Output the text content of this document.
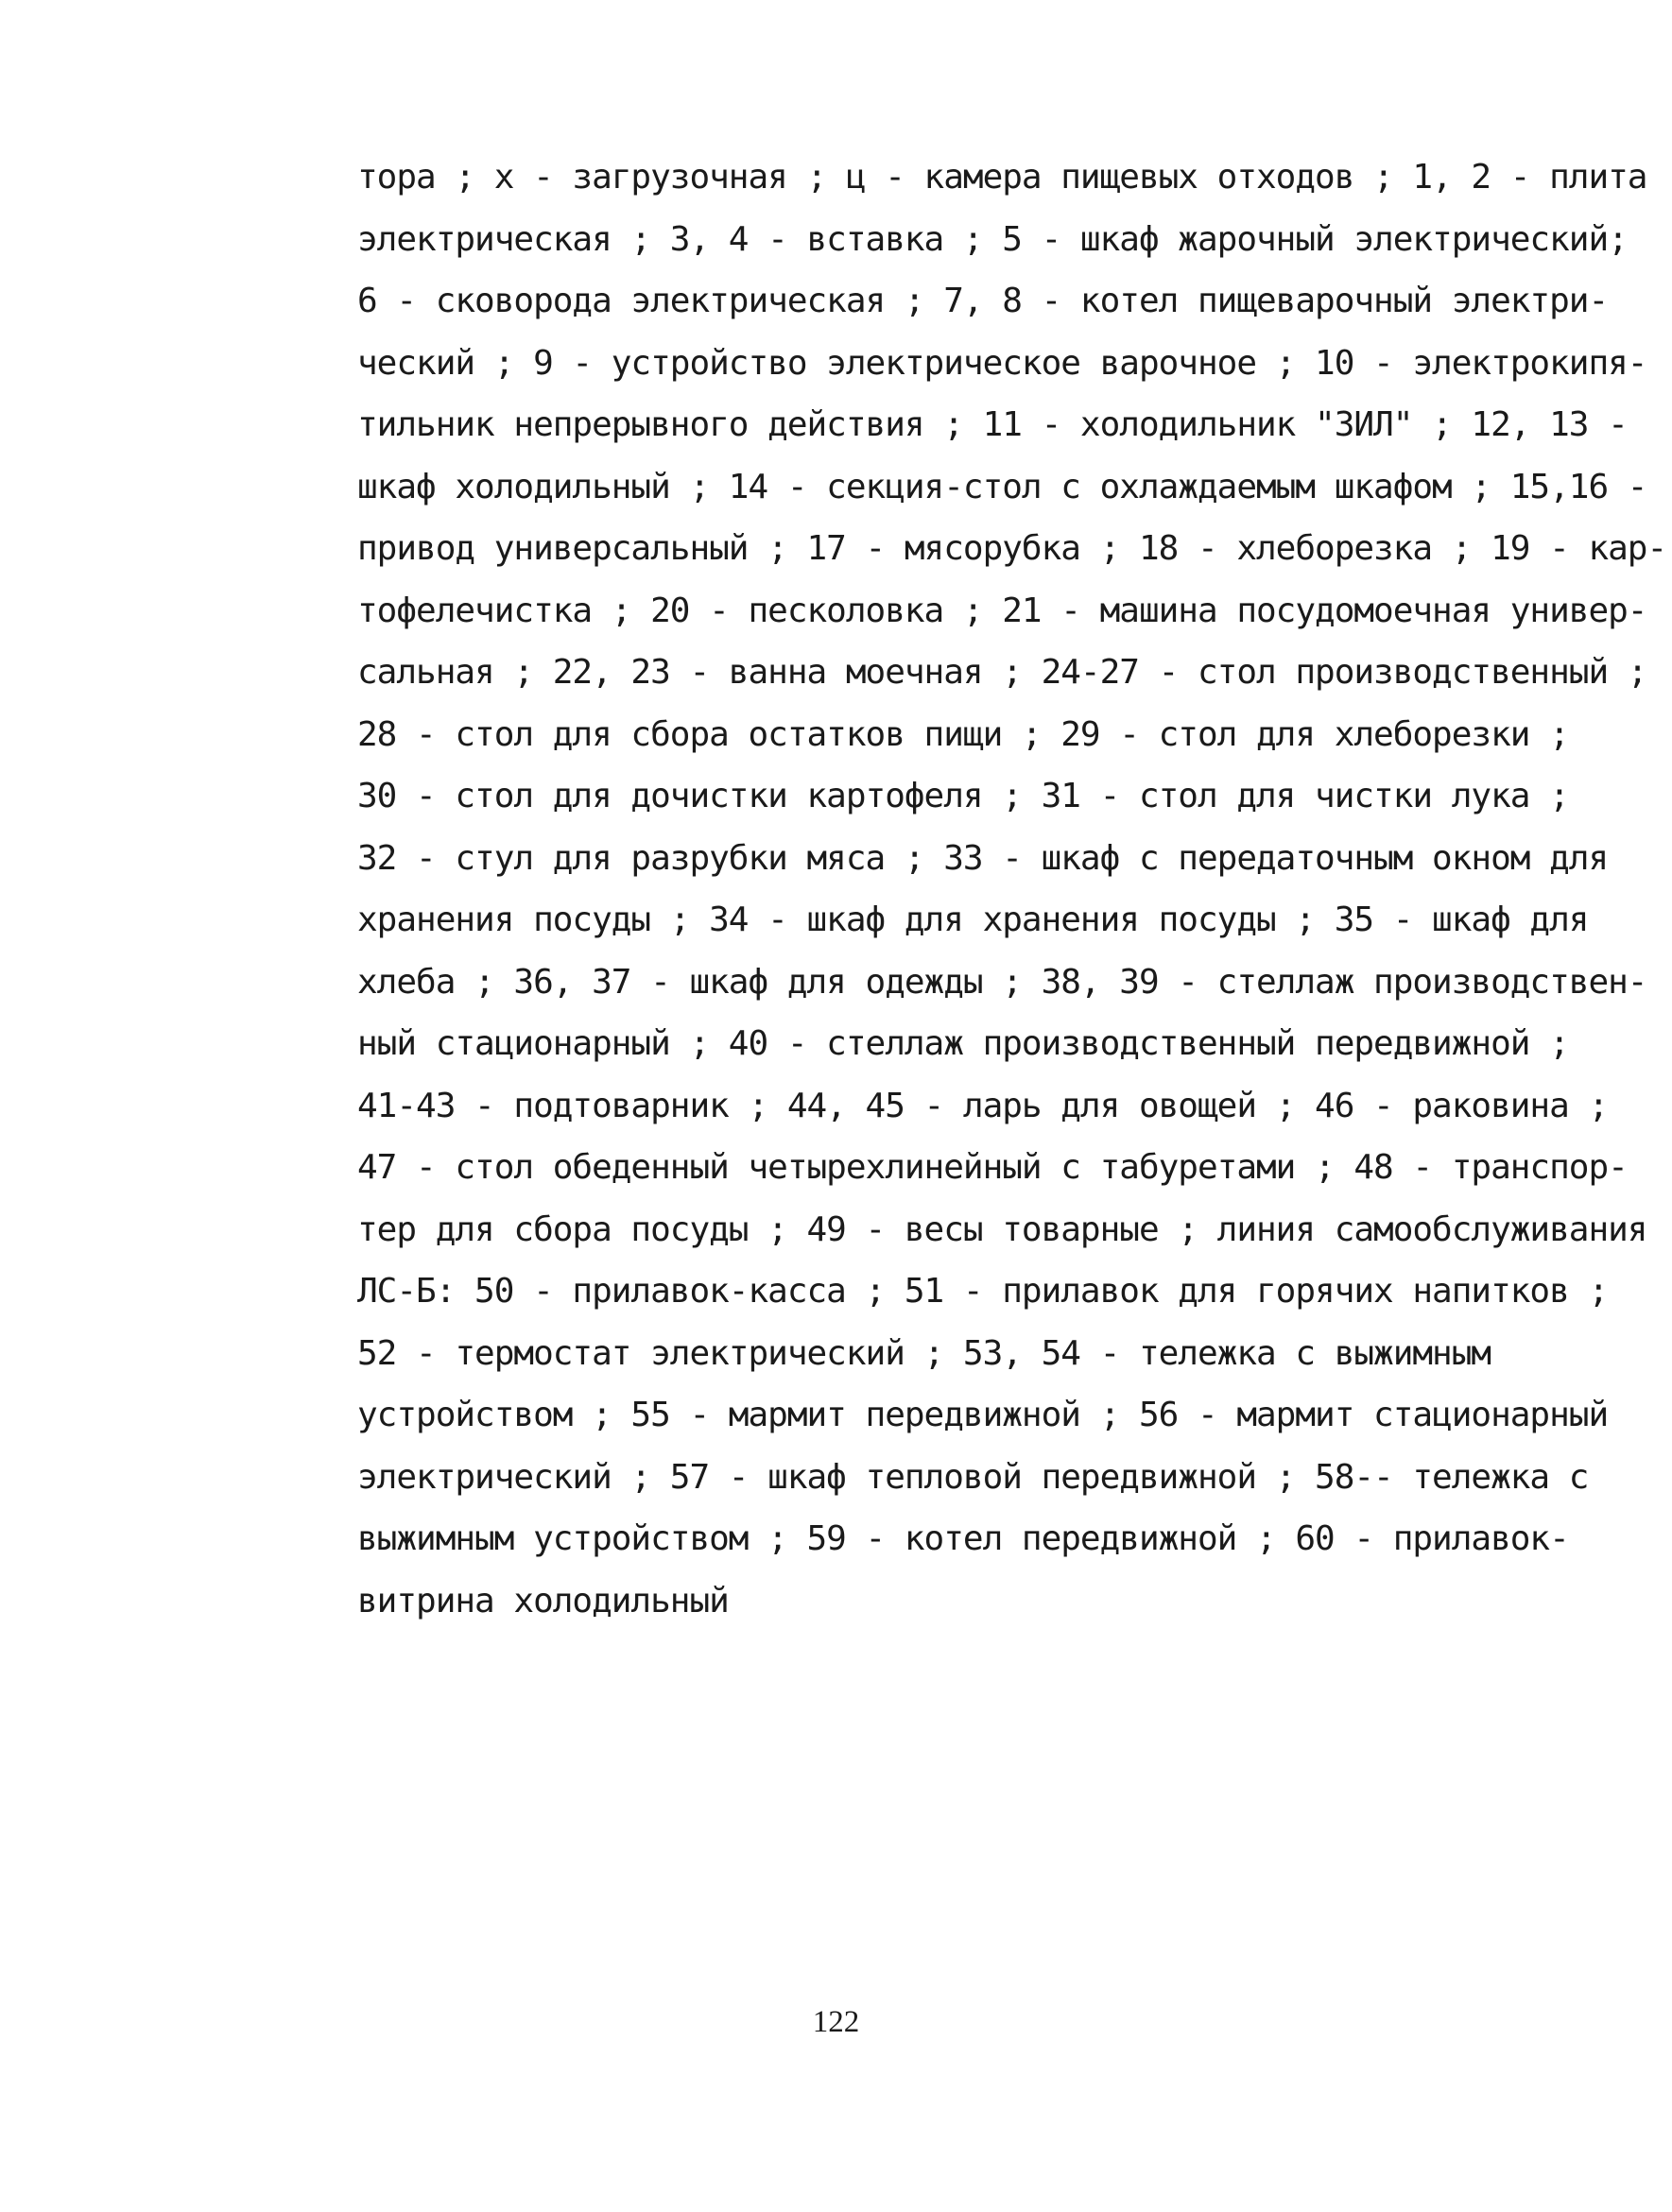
тора ; х - загрузочная ; ц - камера пищевых отходов ; 1, 2 - плита
электрическая ; 3, 4 - вставка ; 5 - шкаф жарочный электрический;
6 - сковорода электрическая ; 7, 8 - котел пищеварочный электри-
ческий ; 9 - устройство электрическое варочное ; 10 - электрокипя-
тильник непрерывного действия ; 11 - холодильник "ЗИЛ" ; 12, 13 -
шкаф холодильный ; 14 - секция-стол с охлаждаемым шкафом ; 15,16 -
привод универсальный ; 17 - мясорубка ; 18 - хлеборезка ; 19 - кар-
тофелечистка ; 20 - песколовка ; 21 - машина посудомоечная универ-
сальная ; 22, 23 - ванна моечная ; 24-27 - стол производственный ;
28 - стол для сбора остатков пищи ; 29 - стол для хлеборезки ;
30 - стол для дочистки картофеля ; 31 - стол для чистки лука ;
32 - стул для разрубки мяса ; 33 - шкаф с передаточным окном для
хранения посуды ; 34 - шкаф для хранения посуды ; 35 - шкаф для
хлеба ; 36, 37 - шкаф для одежды ; 38, 39 - стеллаж производствен-
ный стационарный ; 40 - стеллаж производственный передвижной ;
41-43 - подтоварник ; 44, 45 - ларь для овощей ; 46 - раковина ;
47 - стол обеденный четырехлинейный с табуретами ; 48 - транспор-
тер для сбора посуды ; 49 - весы товарные ; линия самообслуживания
ЛС-Б: 50 - прилавок-касса ; 51 - прилавок для горячих напитков ;
52 - термостат электрический ; 53, 54 - тележка с выжимным
устройством ; 55 - мармит передвижной ; 56 - мармит стационарный
электрический ; 57 - шкаф тепловой передвижной ; 58-- тележка с
выжимным устройством ; 59 - котел передвижной ; 60 - прилавок-
витрина холодильный
122
